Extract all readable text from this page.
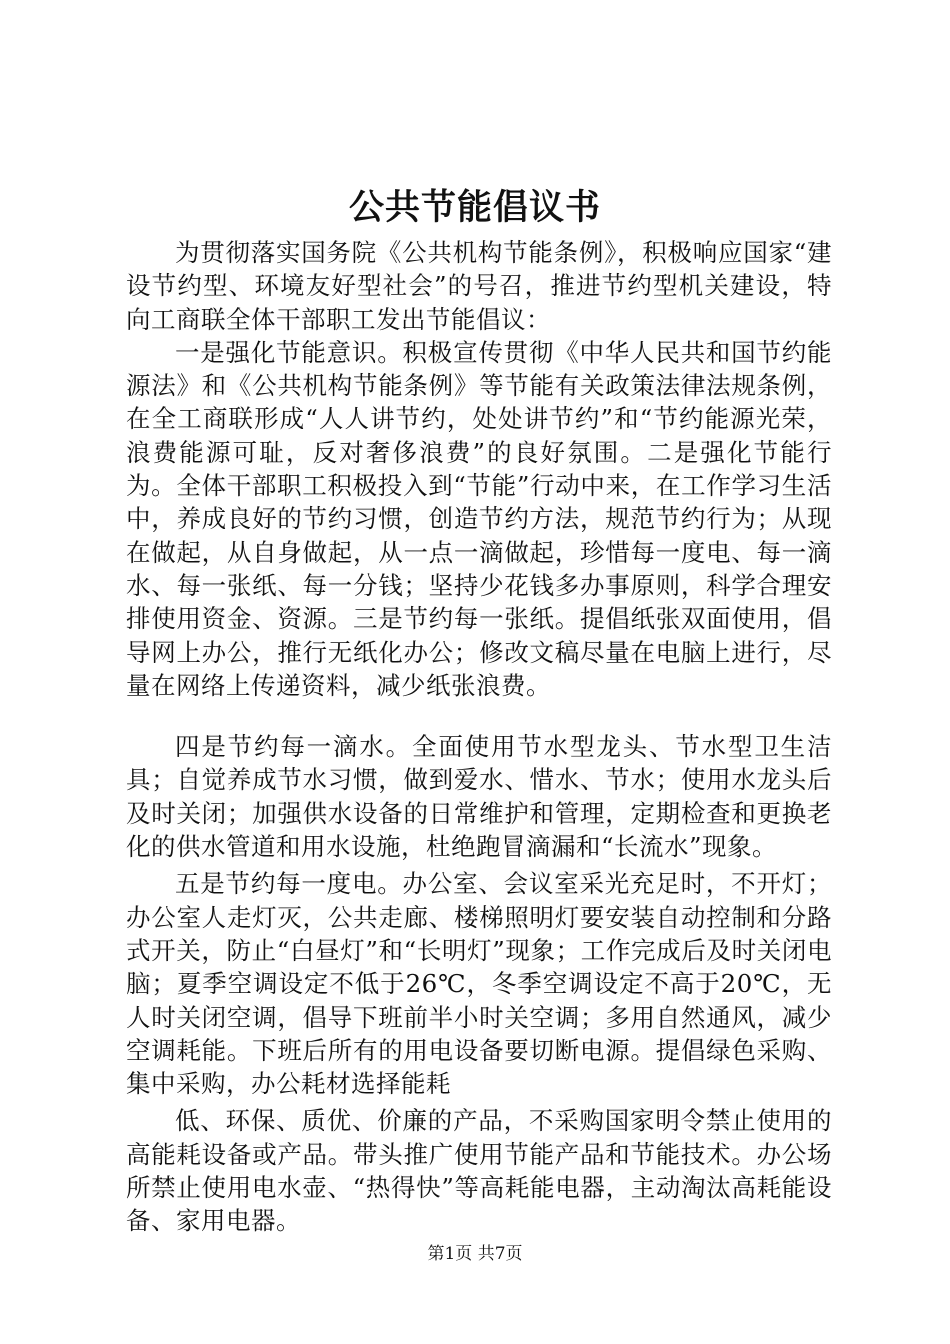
公共节能倡议书

为贯彻落实国务院《公共机构节能条例》，积极响应国家“建设节约型、环境友好型社会”的号召，推进节约型机关建设，特向工商联全体干部职工发出节能倡议：

一是强化节能意识。积极宣传贯彻《中华人民共和国节约能源法》和《公共机构节能条例》等节能有关政策法律法规条例，在全工商联形成“人人讲节约，处处讲节约”和“节约能源光荣，浪费能源可耻，反对奢侈浪费”的良好氛围。二是强化节能行为。全体干部职工积极投入到“节能”行动中来，在工作学习生活中，养成良好的节约习惯，创造节约方法，规范节约行为；从现在做起，从自身做起，从一点一滴做起，珍惜每一度电、每一滴水、每一张纸、每一分钱；坚持少花钱多办事原则，科学合理安排使用资金、资源。三是节约每一张纸。提倡纸张双面使用，倡导网上办公，推行无纸化办公；修改文稿尽量在电脑上进行，尽量在网络上传递资料，减少纸张浪费。

四是节约每一滴水。全面使用节水型龙头、节水型卫生洁具；自觉养成节水习惯，做到爱水、惜水、节水；使用水龙头后及时关闭；加强供水设备的日常维护和管理，定期检查和更换老化的供水管道和用水设施，杜绝跑冒滴漏和“长流水”现象。

五是节约每一度电。办公室、会议室采光充足时，不开灯；办公室人走灯灭，公共走廊、楼梯照明灯要安装自动控制和分路式开关，防止“白昼灯”和“长明灯”现象；工作完成后及时关闭电脑；夏季空调设定不低于26℃，冬季空调设定不高于20℃，无人时关闭空调，倡导下班前半小时关空调；多用自然通风，减少空调耗能。下班后所有的用电设备要切断电源。提倡绿色采购、集中采购，办公耗材选择能耗

低、环保、质优、价廉的产品，不采购国家明令禁止使用的高能耗设备或产品。带头推广使用节能产品和节能技术。办公场所禁止使用电水壶、“热得快”等高耗能电器，主动淘汰高耗能设备、家用电器。

第1页 共7页
